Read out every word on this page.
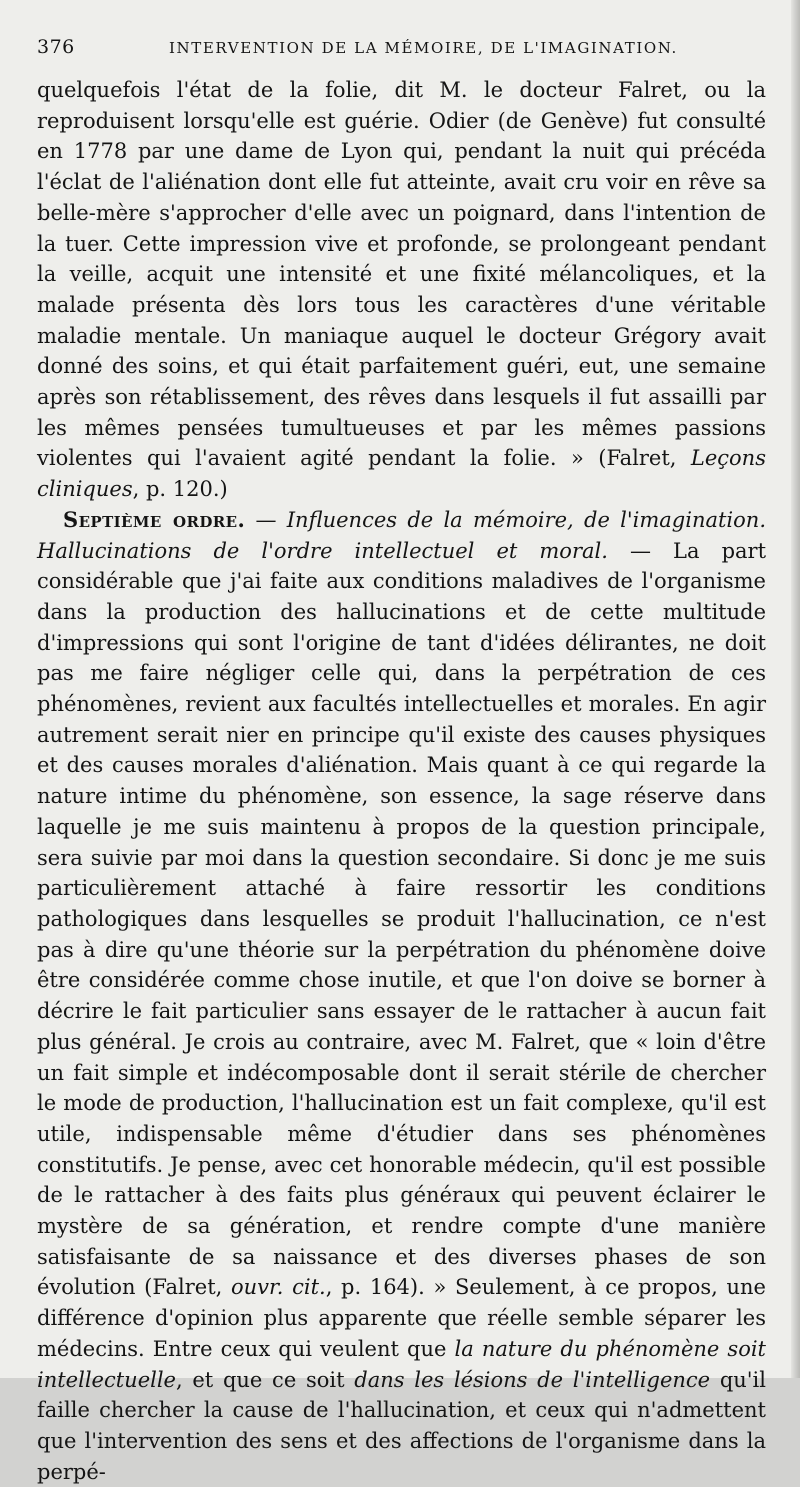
376	INTERVENTION DE LA MÉMOIRE, DE L'IMAGINATION.

quelquefois l'état de la folie, dit M. le docteur Falret, ou la reproduisent lorsqu'elle est guérie. Odier (de Genève) fut consulté en 1778 par une dame de Lyon qui, pendant la nuit qui précéda l'éclat de l'aliénation dont elle fut atteinte, avait cru voir en rêve sa belle-mère s'approcher d'elle avec un poignard, dans l'intention de la tuer. Cette impression vive et profonde, se prolongeant pendant la veille, acquit une intensité et une fixité mélancoliques, et la malade présenta dès lors tous les caractères d'une véritable maladie mentale. Un maniaque auquel le docteur Grégory avait donné des soins, et qui était parfaitement guéri, eut, une semaine après son rétablissement, des rêves dans lesquels il fut assailli par les mêmes pensées tumultueuses et par les mêmes passions violentes qui l'avaient agité pendant la folie. » (Falret, Leçons cliniques, p. 120.)

Septième ordre. — Influences de la mémoire, de l'imagination. Hallucinations de l'ordre intellectuel et moral. — La part considérable que j'ai faite aux conditions maladives de l'organisme dans la production des hallucinations et de cette multitude d'impressions qui sont l'origine de tant d'idées délirantes, ne doit pas me faire négliger celle qui, dans la perpétration de ces phénomènes, revient aux facultés intellectuelles et morales. En agir autrement serait nier en principe qu'il existe des causes physiques et des causes morales d'aliénation. Mais quant à ce qui regarde la nature intime du phénomène, son essence, la sage réserve dans laquelle je me suis maintenu à propos de la question principale, sera suivie par moi dans la question secondaire. Si donc je me suis particulièrement attaché à faire ressortir les conditions pathologiques dans lesquelles se produit l'hallucination, ce n'est pas à dire qu'une théorie sur la perpétration du phénomène doive être considérée comme chose inutile, et que l'on doive se borner à décrire le fait particulier sans essayer de le rattacher à aucun fait plus général. Je crois au contraire, avec M. Falret, que « loin d'être un fait simple et indécomposable dont il serait stérile de chercher le mode de production, l'hallucination est un fait complexe, qu'il est utile, indispensable même d'étudier dans ses phénomènes constitutifs. Je pense, avec cet honorable médecin, qu'il est possible de le rattacher à des faits plus généraux qui peuvent éclairer le mystère de sa génération, et rendre compte d'une manière satisfaisante de sa naissance et des diverses phases de son évolution (Falret, ouvr. cit., p. 164). » Seulement, à ce propos, une différence d'opinion plus apparente que réelle semble séparer les médecins. Entre ceux qui veulent que la nature du phénomène soit intellectuelle, et que ce soit dans les lésions de l'intelligence qu'il faille chercher la cause de l'hallucination, et ceux qui n'admettent que l'intervention des sens et des affections de l'organisme dans la perpé-
